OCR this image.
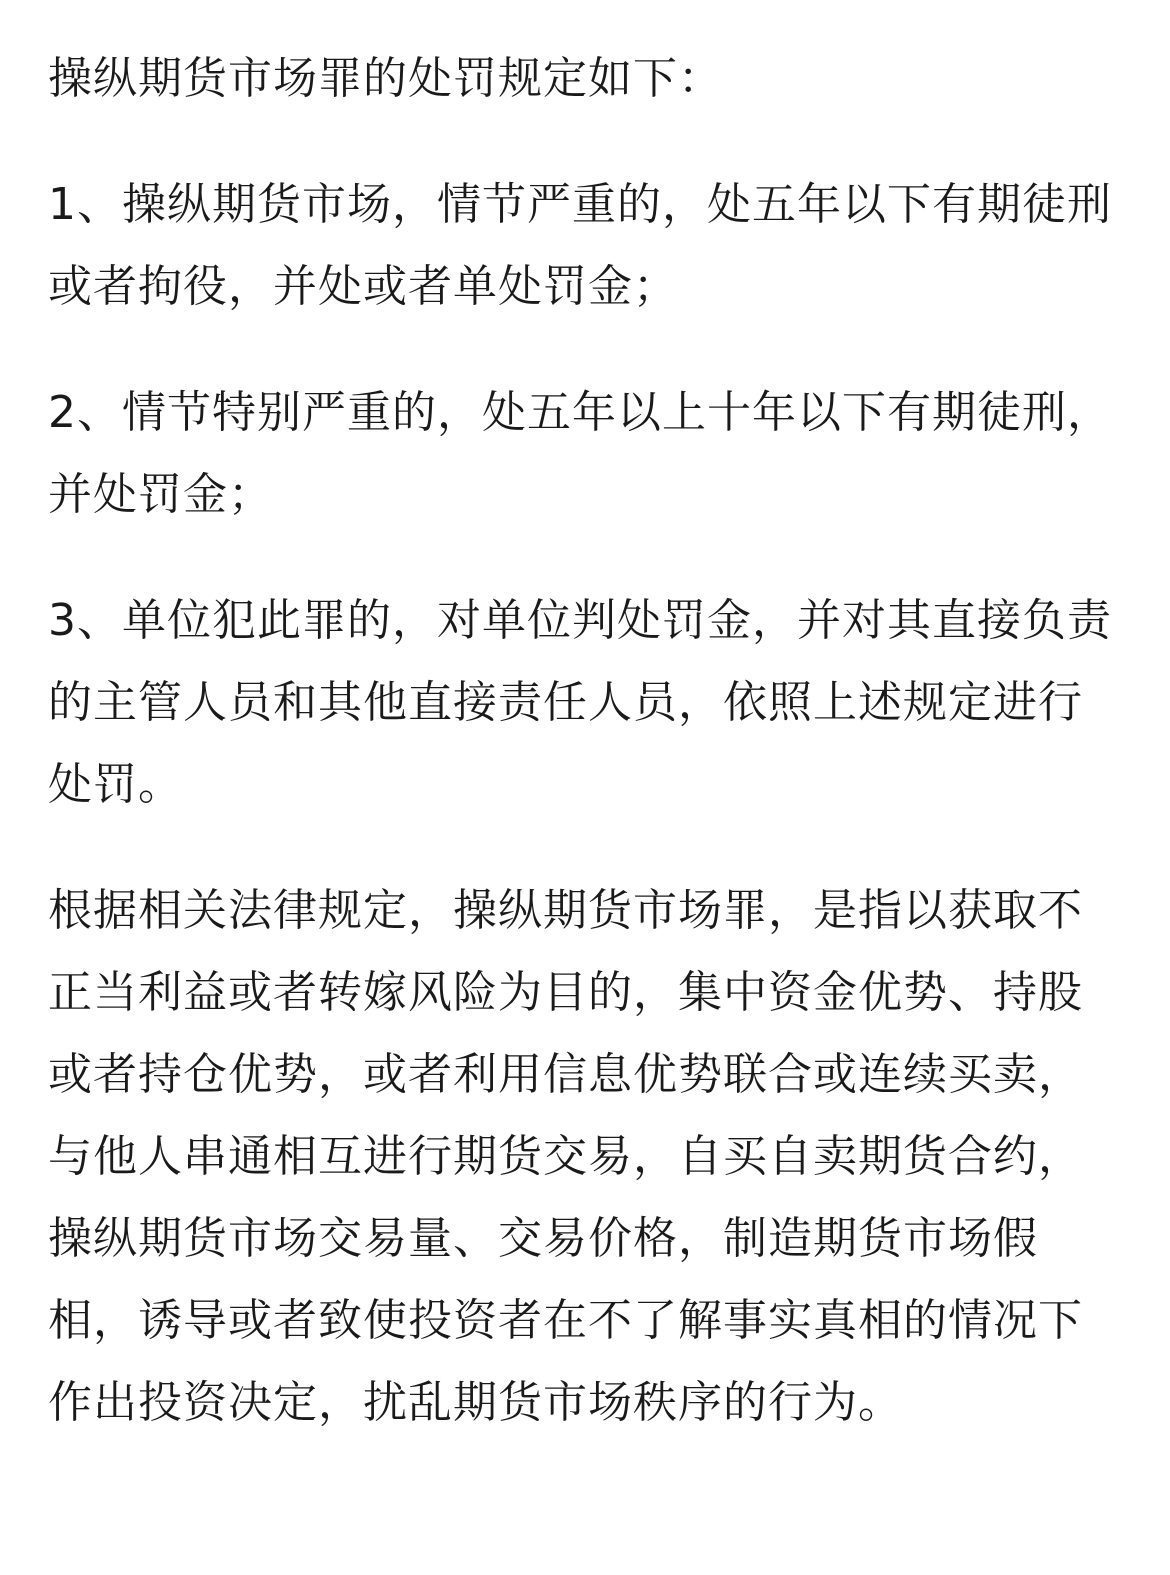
操纵期货市场罪的处罚规定如下：

1、操纵期货市场，情节严重的，处五年以下有期徒刑或者拘役，并处或者单处罚金；

2、情节特别严重的，处五年以上十年以下有期徒刑，并处罚金；

3、单位犯此罪的，对单位判处罚金，并对其直接负责的主管人员和其他直接责任人员，依照上述规定进行处罚。

根据相关法律规定，操纵期货市场罪，是指以获取不正当利益或者转嫁风险为目的，集中资金优势、持股或者持仓优势，或者利用信息优势联合或连续买卖，与他人串通相互进行期货交易，自买自卖期货合约，操纵期货市场交易量、交易价格，制造期货市场假相，诱导或者致使投资者在不了解事实真相的情况下作出投资决定，扰乱期货市场秩序的行为。
